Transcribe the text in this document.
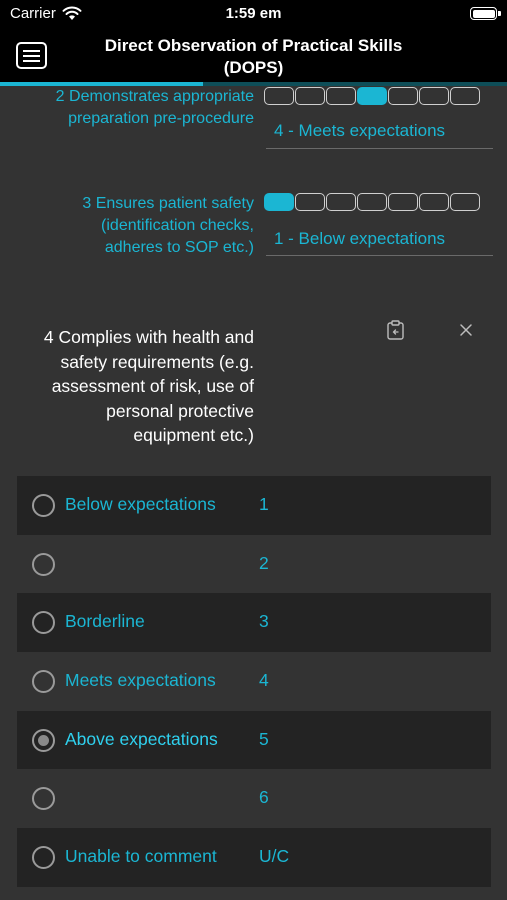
Carrier	1:59 em
Direct Observation of Practical Skills
(DOPS)
2 Demonstrates appropriate
preparation pre-procedure
4 - Meets expectations
3 Ensures patient safety
(identification checks,
adheres to SOP etc.)	1 - Below expectations
4 Complies with health and
safety requirements (e.g.
assessment of risk, use of
personal protective
equipment etc.)
Below expectations 1
2
Borderline	3
Meets expectations 4
Above expectations 5
6
Unable to comment U/C
